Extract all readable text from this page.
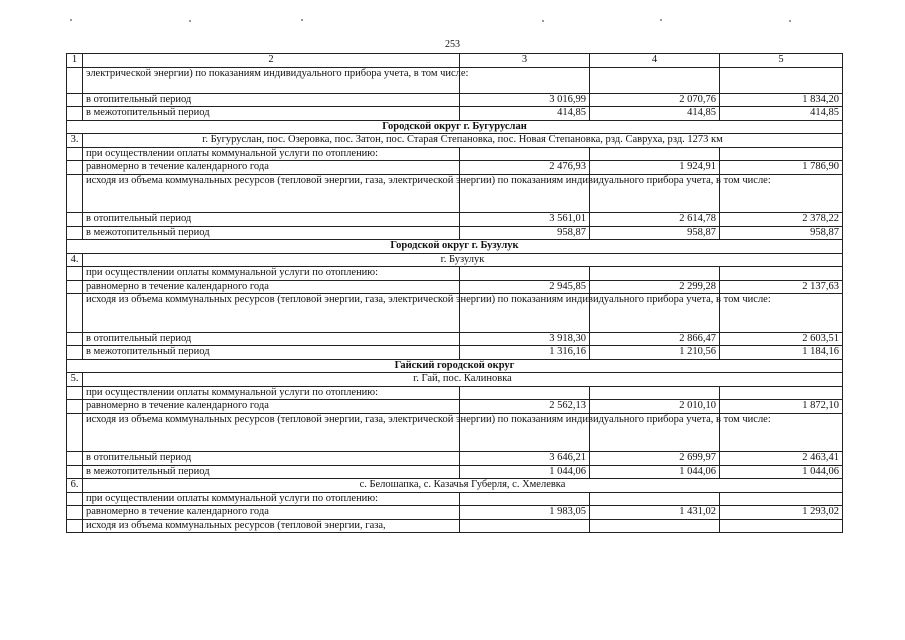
253
1	2	3	4	5
	электрической энергии) по показаниям индивидуального прибора учета, в том числе:			
	в отопительный период	3 016,99	2 070,76	1 834,20
	в межотопительный период	414,85	414,85	414,85
Городской округ г. Бугуруслан				
3.	г. Бугуруслан, пос. Озеровка, пос. Затон, пос. Старая Степановка, пос. Новая Степановка, рзд. Савруха, рзд. 1273 км			
	при осуществлении оплаты коммунальной услуги по отоплению:			
	равномерно в течение календарного года	2 476,93	1 924,91	1 786,90
	исходя из объема коммунальных ресурсов (тепловой энергии, газа, электрической энергии) по показаниям индивидуального прибора учета, в том числе:			
	в отопительный период	3 561,01	2 614,78	2 378,22
	в межотопительный период	958,87	958,87	958,87
Городской округ г. Бузулук				
4.	г. Бузулук			
	при осуществлении оплаты коммунальной услуги по отоплению:			
	равномерно в течение календарного года	2 945,85	2 299,28	2 137,63
	исходя из объема коммунальных ресурсов (тепловой энергии, газа, электрической энергии) по показаниям индивидуального прибора учета, в том числе:			
	в отопительный период	3 918,30	2 866,47	2 603,51
	в межотопительный период	1 316,16	1 210,56	1 184,16
Гайский городской округ				
5.	г. Гай, пос. Калиновка			
	при осуществлении оплаты коммунальной услуги по отоплению:			
	равномерно в течение календарного года	2 562,13	2 010,10	1 872,10
	исходя из объема коммунальных ресурсов (тепловой энергии, газа, электрической энергии) по показаниям индивидуального прибора учета, в том числе:			
	в отопительный период	3 646,21	2 699,97	2 463,41
	в межотопительный период	1 044,06	1 044,06	1 044,06
6.	с. Белошапка, с. Казачья Губерля, с. Хмелевка			
	при осуществлении оплаты коммунальной услуги по отоплению:			
	равномерно в течение календарного года	1 983,05	1 431,02	1 293,02
	исходя из объема коммунальных ресурсов (тепловой энергии, газа,			
